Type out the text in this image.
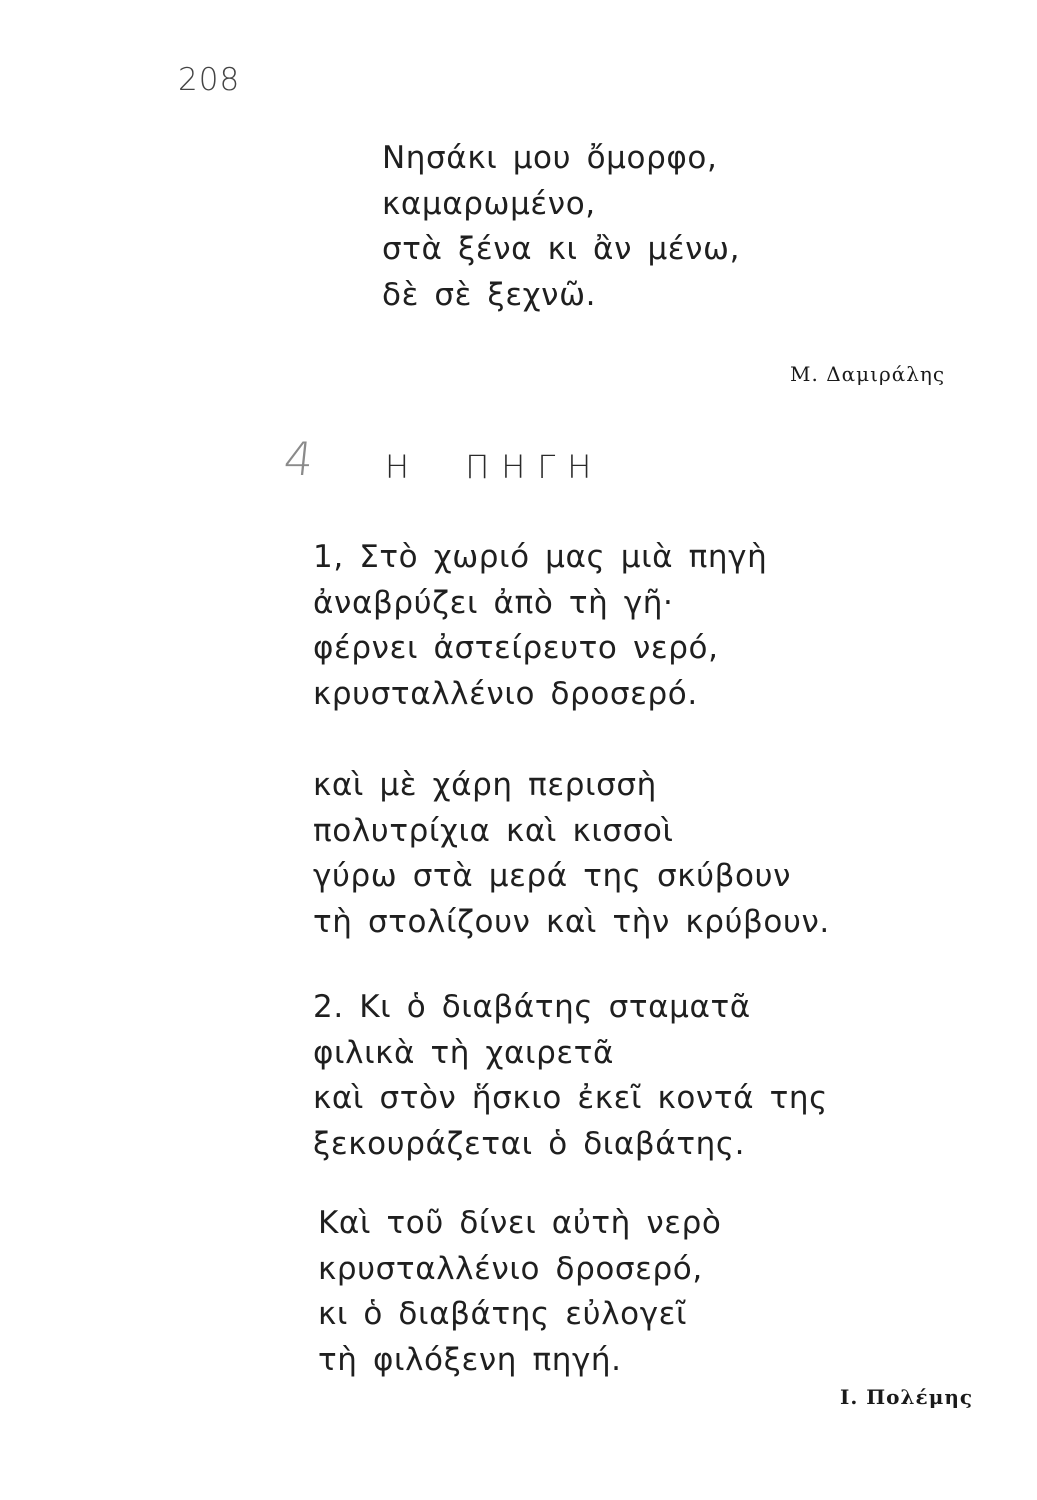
208
Νησάκι μου ὄμορφο,
καμαρωμένο,
στὰ ξένα κι ἂν μένω,
δὲ σὲ ξεχνῶ.
Μ. Δαμιράλης
4 Η ΠΗΓΗ
1, Στὸ χωριό μας μιὰ πηγὴ
ἀναβρύζει ἀπὸ τὴ γῆ·
φέρνει ἀστείρευτο νερό,
κρυσταλλένιο δροσερό.
καὶ μὲ χάρη περισσὴ
πολυτρίχια καὶ κισσοὶ
γύρω στὰ μερά της σκύβουν
τὴ στολίζουν καὶ τὴν κρύβουν.
2. Κι ὁ διαβάτης σταματᾶ
φιλικὰ τὴ χαιρετᾶ
καὶ στὸν ἥσκιο ἐκεῖ κοντά της
ξεκουράζεται ὁ διαβάτης.
Καὶ τοῦ δίνει αὐτὴ νερὸ
κρυσταλλένιο δροσερό,
κι ὁ διαβάτης εὐλογεῖ
τὴ φιλόξενη πηγή.
Ι. Πολέμης
